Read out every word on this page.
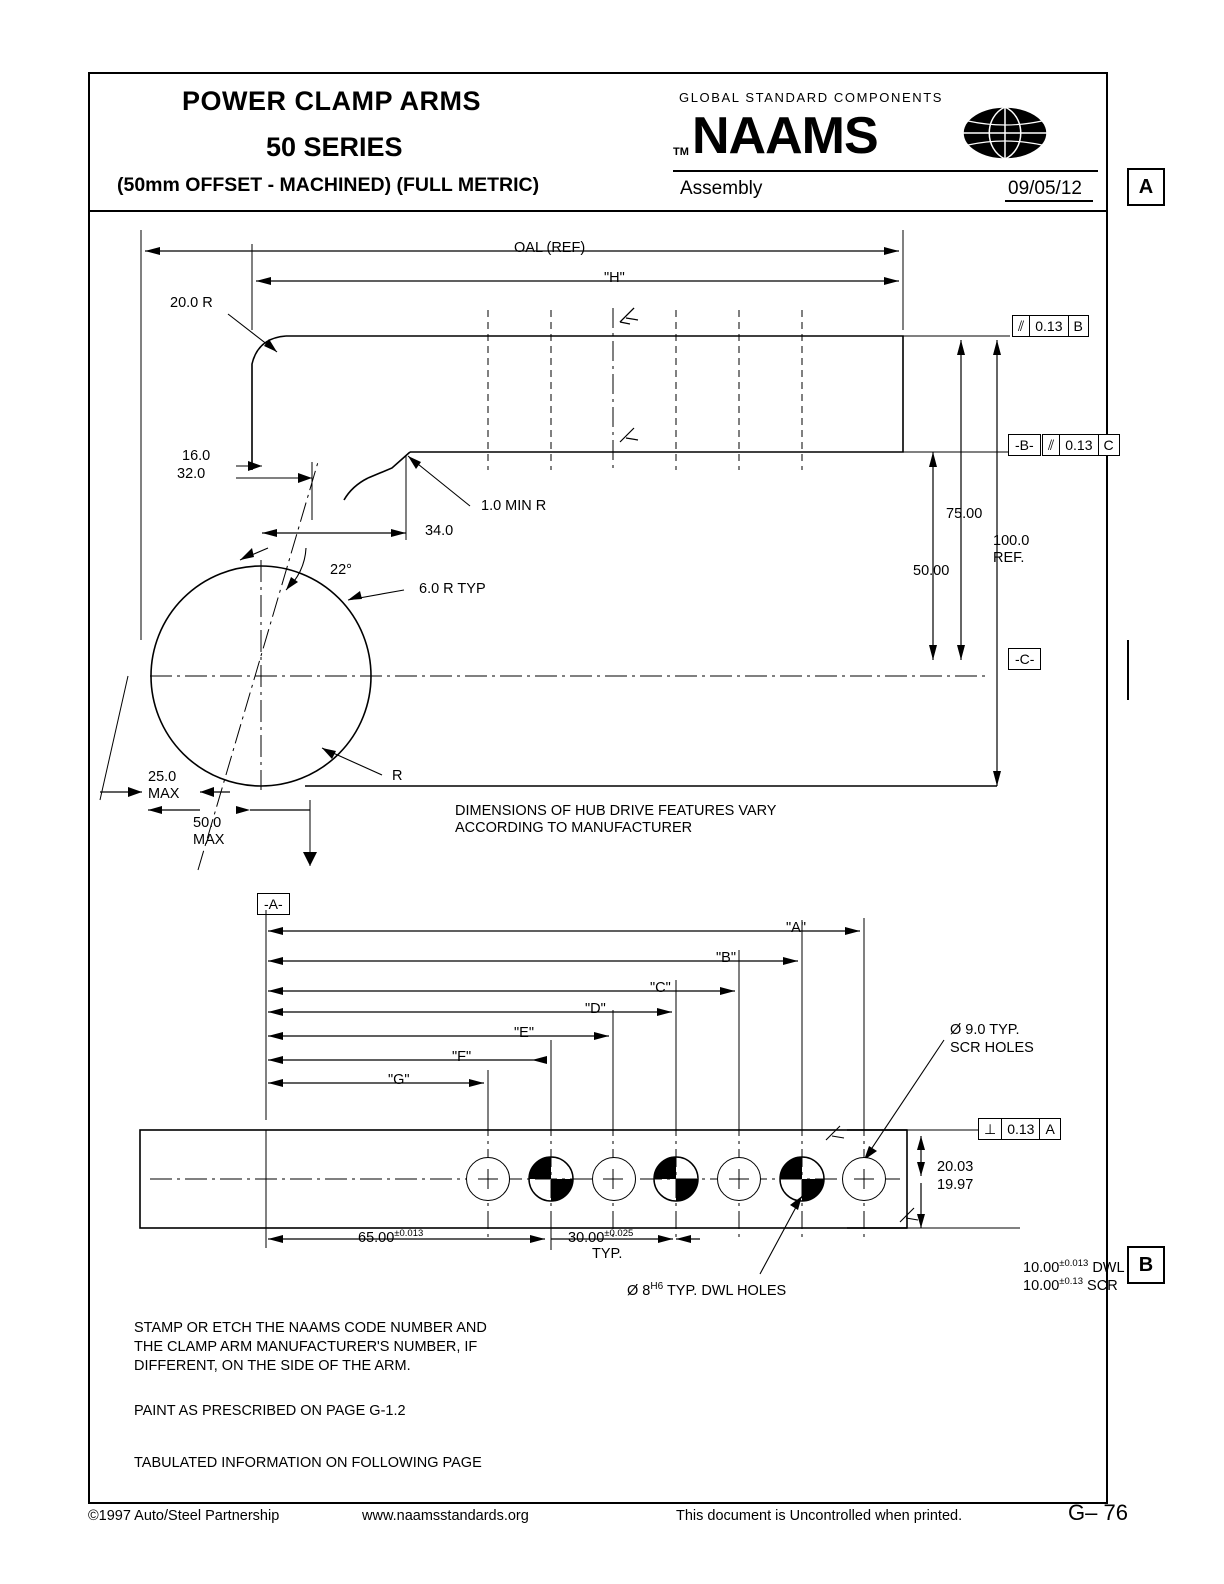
POWER CLAMP ARMS
50 SERIES
(50mm OFFSET - MACHINED) (FULL METRIC)
GLOBAL STANDARD COMPONENTS
TM NAAMS
Assembly	09/05/12	A
B
OAL (REF)
"H"
20.0 R
16.0
32.0
34.0
1.0 MIN R
22°
6.0 R TYP
R
25.0
MAX
50.0
MAX
75.00
50.00
100.0
REF.
⫽ 0.13 B
-B-	⫽ 0.13 C
-C-
DIMENSIONS OF HUB DRIVE FEATURES VARY
ACCORDING TO MANUFACTURER
-A-
"A"
"B"
"C"
"D"
"E"
"F"
"G"
Ø 9.0 TYP.
SCR HOLES
⊥ 0.13 A
20.03
19.97
$65.00^{\pm 0.013}$	$30.00^{\pm 0.025}$
TYP.
Ø $8^{H6}$ TYP. DWL HOLES
$10.00^{\pm 0.013}$ DWL
$10.00^{\pm 0.13}$ SCR
STAMP OR ETCH THE NAAMS CODE NUMBER AND
THE CLAMP ARM MANUFACTURER'S NUMBER, IF
DIFFERENT, ON THE SIDE OF THE ARM.
PAINT AS PRESCRIBED ON PAGE G-1.2
TABULATED INFORMATION ON FOLLOWING PAGE
©1997 Auto/Steel Partnership	www.naamsstandards.org	This document is Uncontrolled when printed.	G– 76
